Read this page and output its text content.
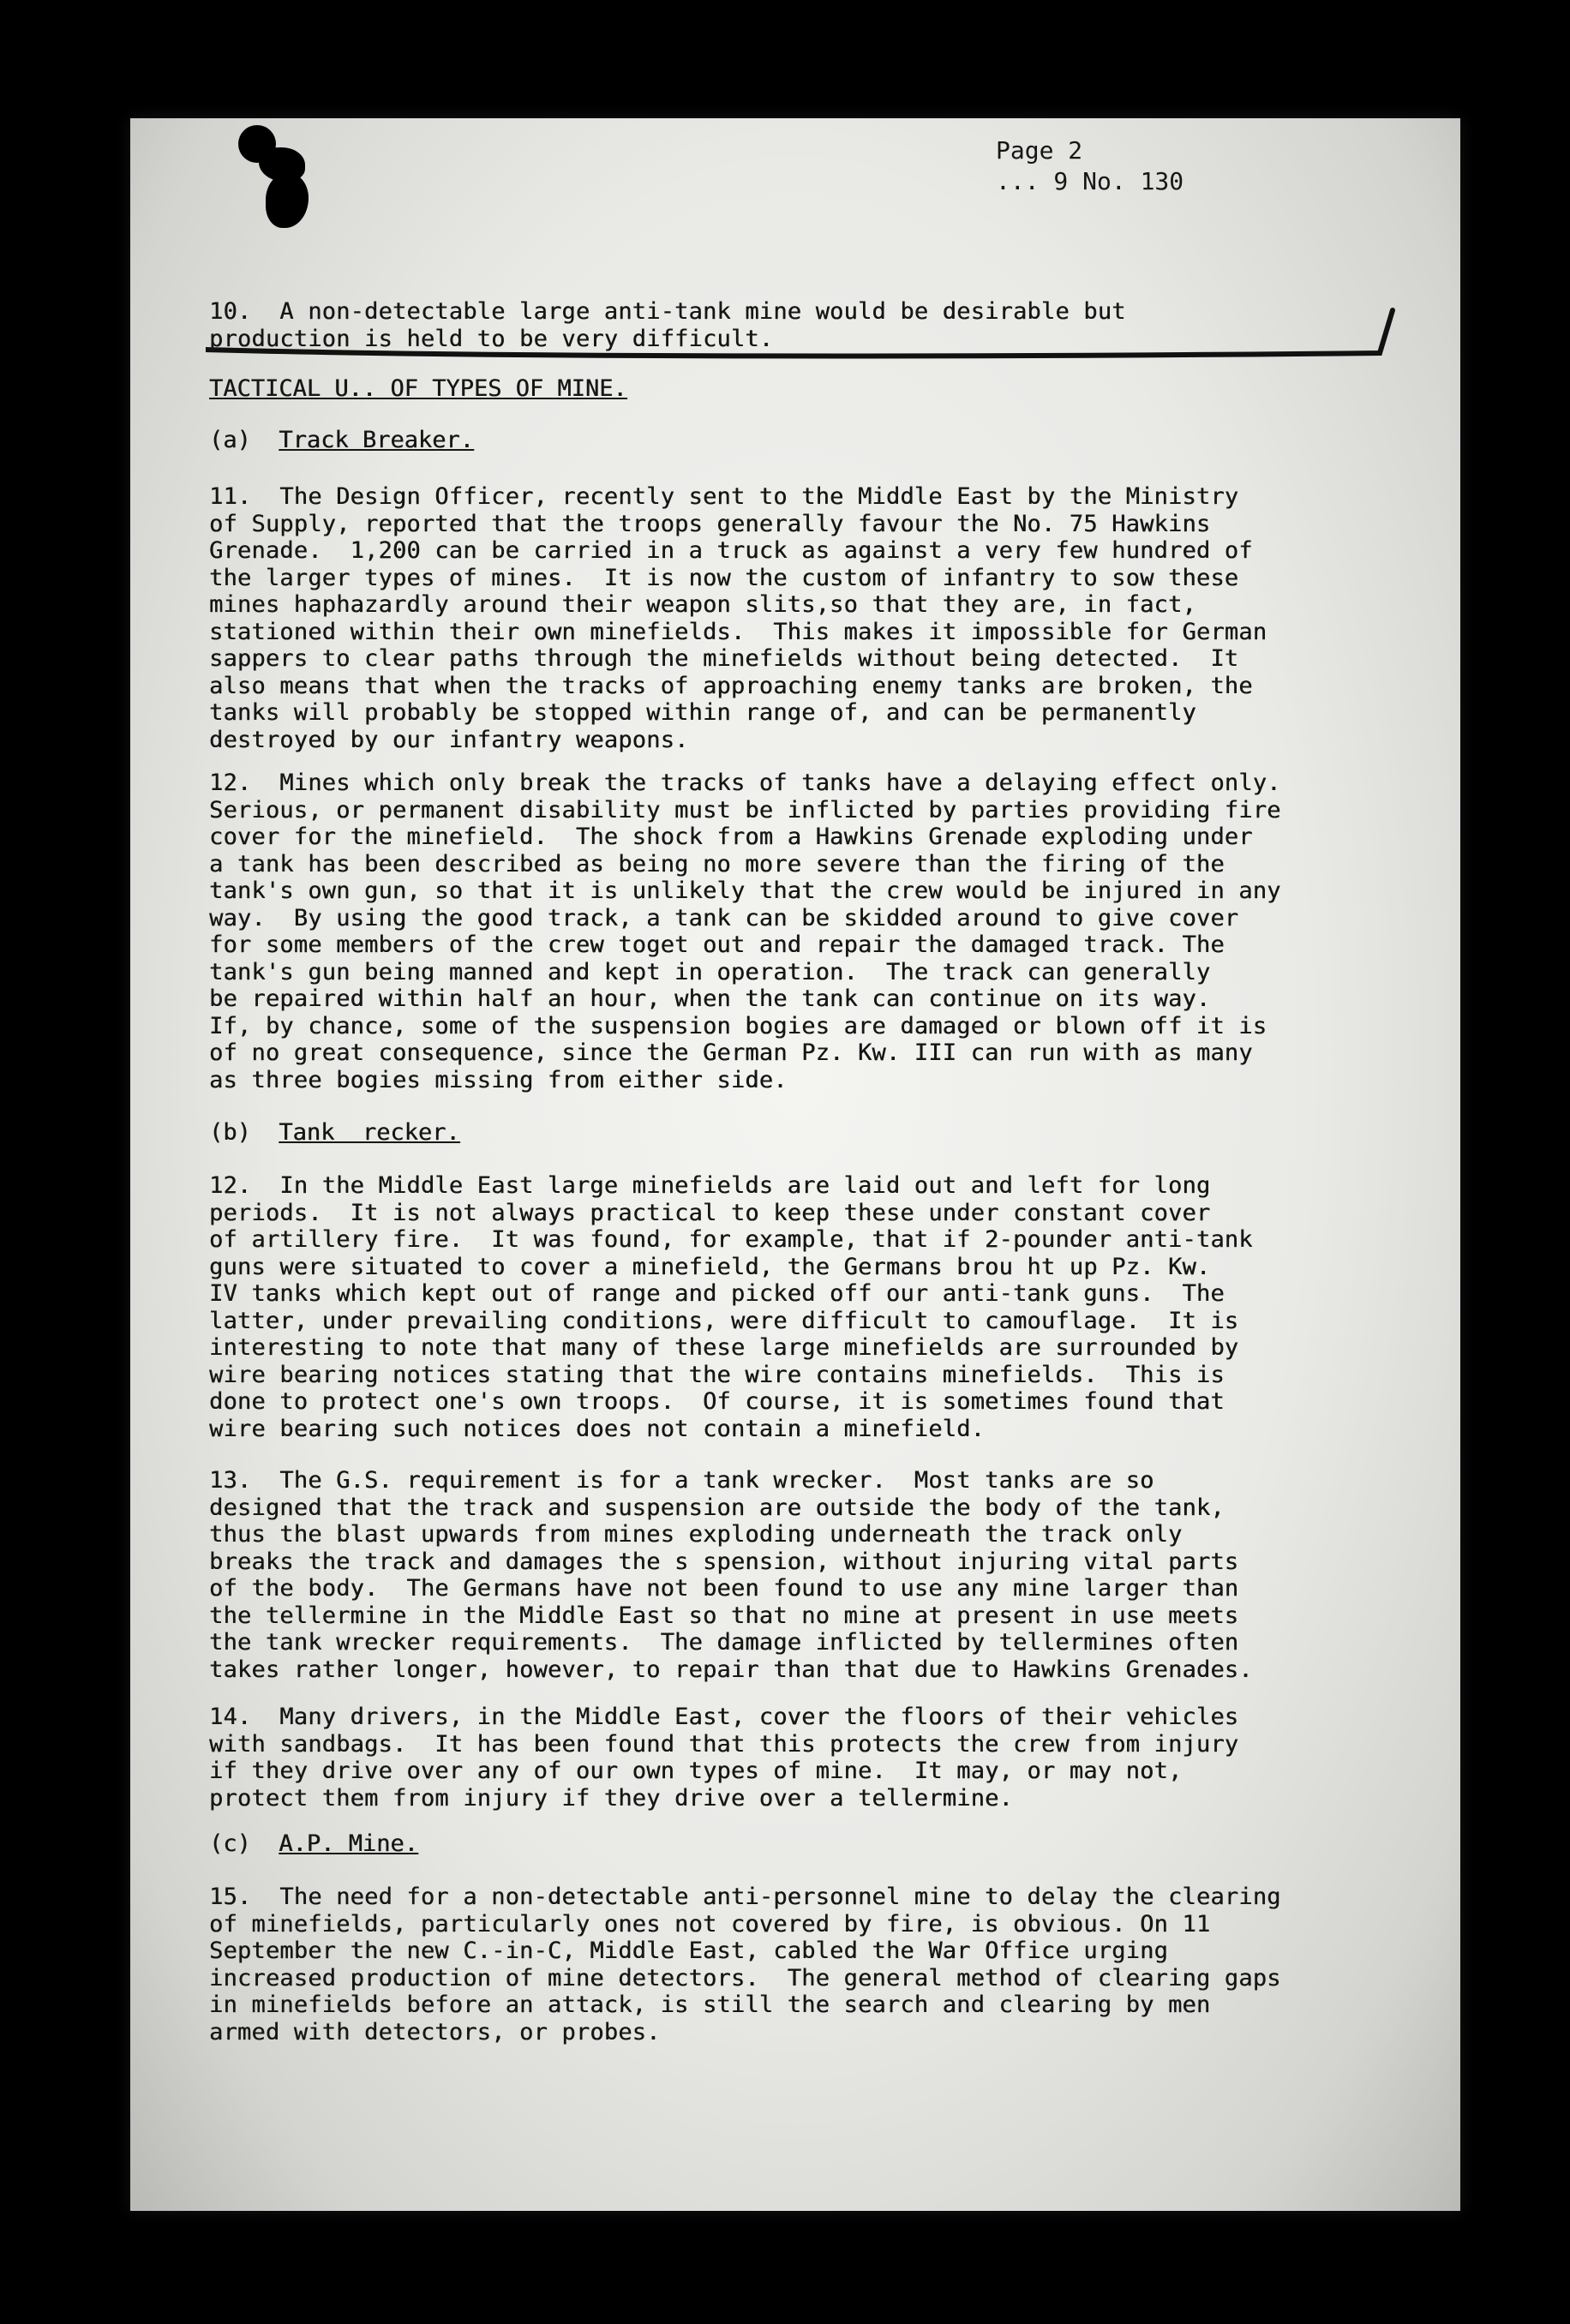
Page 2
... 9 No. 130
10.  A non-detectable large anti-tank mine would be desirable but
production is held to be very difficult.
TACTICAL U.. OF TYPES OF MINE.
(a) Track Breaker.
11.  The Design Officer, recently sent to the Middle East by the Ministry
of Supply, reported that the troops generally favour the No. 75 Hawkins
Grenade.  1,200 can be carried in a truck as against a very few hundred of
the larger types of mines.  It is now the custom of infantry to sow these
mines haphazardly around their weapon slits,so that they are, in fact,
stationed within their own minefields.  This makes it impossible for German
sappers to clear paths through the minefields without being detected.  It
also means that when the tracks of approaching enemy tanks are broken, the
tanks will probably be stopped within range of, and can be permanently
destroyed by our infantry weapons.
12.  Mines which only break the tracks of tanks have a delaying effect only.
Serious, or permanent disability must be inflicted by parties providing fire
cover for the minefield.  The shock from a Hawkins Grenade exploding under
a tank has been described as being no more severe than the firing of the
tank's own gun, so that it is unlikely that the crew would be injured in any
way.  By using the good track, a tank can be skidded around to give cover
for some members of the crew toget out and repair the damaged track. The
tank's gun being manned and kept in operation.  The track can generally
be repaired within half an hour, when the tank can continue on its way.
If, by chance, some of the suspension bogies are damaged or blown off it is
of no great consequence, since the German Pz. Kw. III can run with as many
as three bogies missing from either side.
(b) Tank  recker.
12.  In the Middle East large minefields are laid out and left for long
periods.  It is not always practical to keep these under constant cover
of artillery fire.  It was found, for example, that if 2-pounder anti-tank
guns were situated to cover a minefield, the Germans brou ht up Pz. Kw.
IV tanks which kept out of range and picked off our anti-tank guns.  The
latter, under prevailing conditions, were difficult to camouflage.  It is
interesting to note that many of these large minefields are surrounded by
wire bearing notices stating that the wire contains minefields.  This is
done to protect one's own troops.  Of course, it is sometimes found that
wire bearing such notices does not contain a minefield.
13.  The G.S. requirement is for a tank wrecker.  Most tanks are so
designed that the track and suspension are outside the body of the tank,
thus the blast upwards from mines exploding underneath the track only
breaks the track and damages the s spension, without injuring vital parts
of the body.  The Germans have not been found to use any mine larger than
the tellermine in the Middle East so that no mine at present in use meets
the tank wrecker requirements.  The damage inflicted by tellermines often
takes rather longer, however, to repair than that due to Hawkins Grenades.
14.  Many drivers, in the Middle East, cover the floors of their vehicles
with sandbags.  It has been found that this protects the crew from injury
if they drive over any of our own types of mine.  It may, or may not,
protect them from injury if they drive over a tellermine.
(c) A.P. Mine.
15.  The need for a non-detectable anti-personnel mine to delay the clearing
of minefields, particularly ones not covered by fire, is obvious. On 11
September the new C.-in-C, Middle East, cabled the War Office urging
increased production of mine detectors.  The general method of clearing gaps
in minefields before an attack, is still the search and clearing by men
armed with detectors, or probes.
